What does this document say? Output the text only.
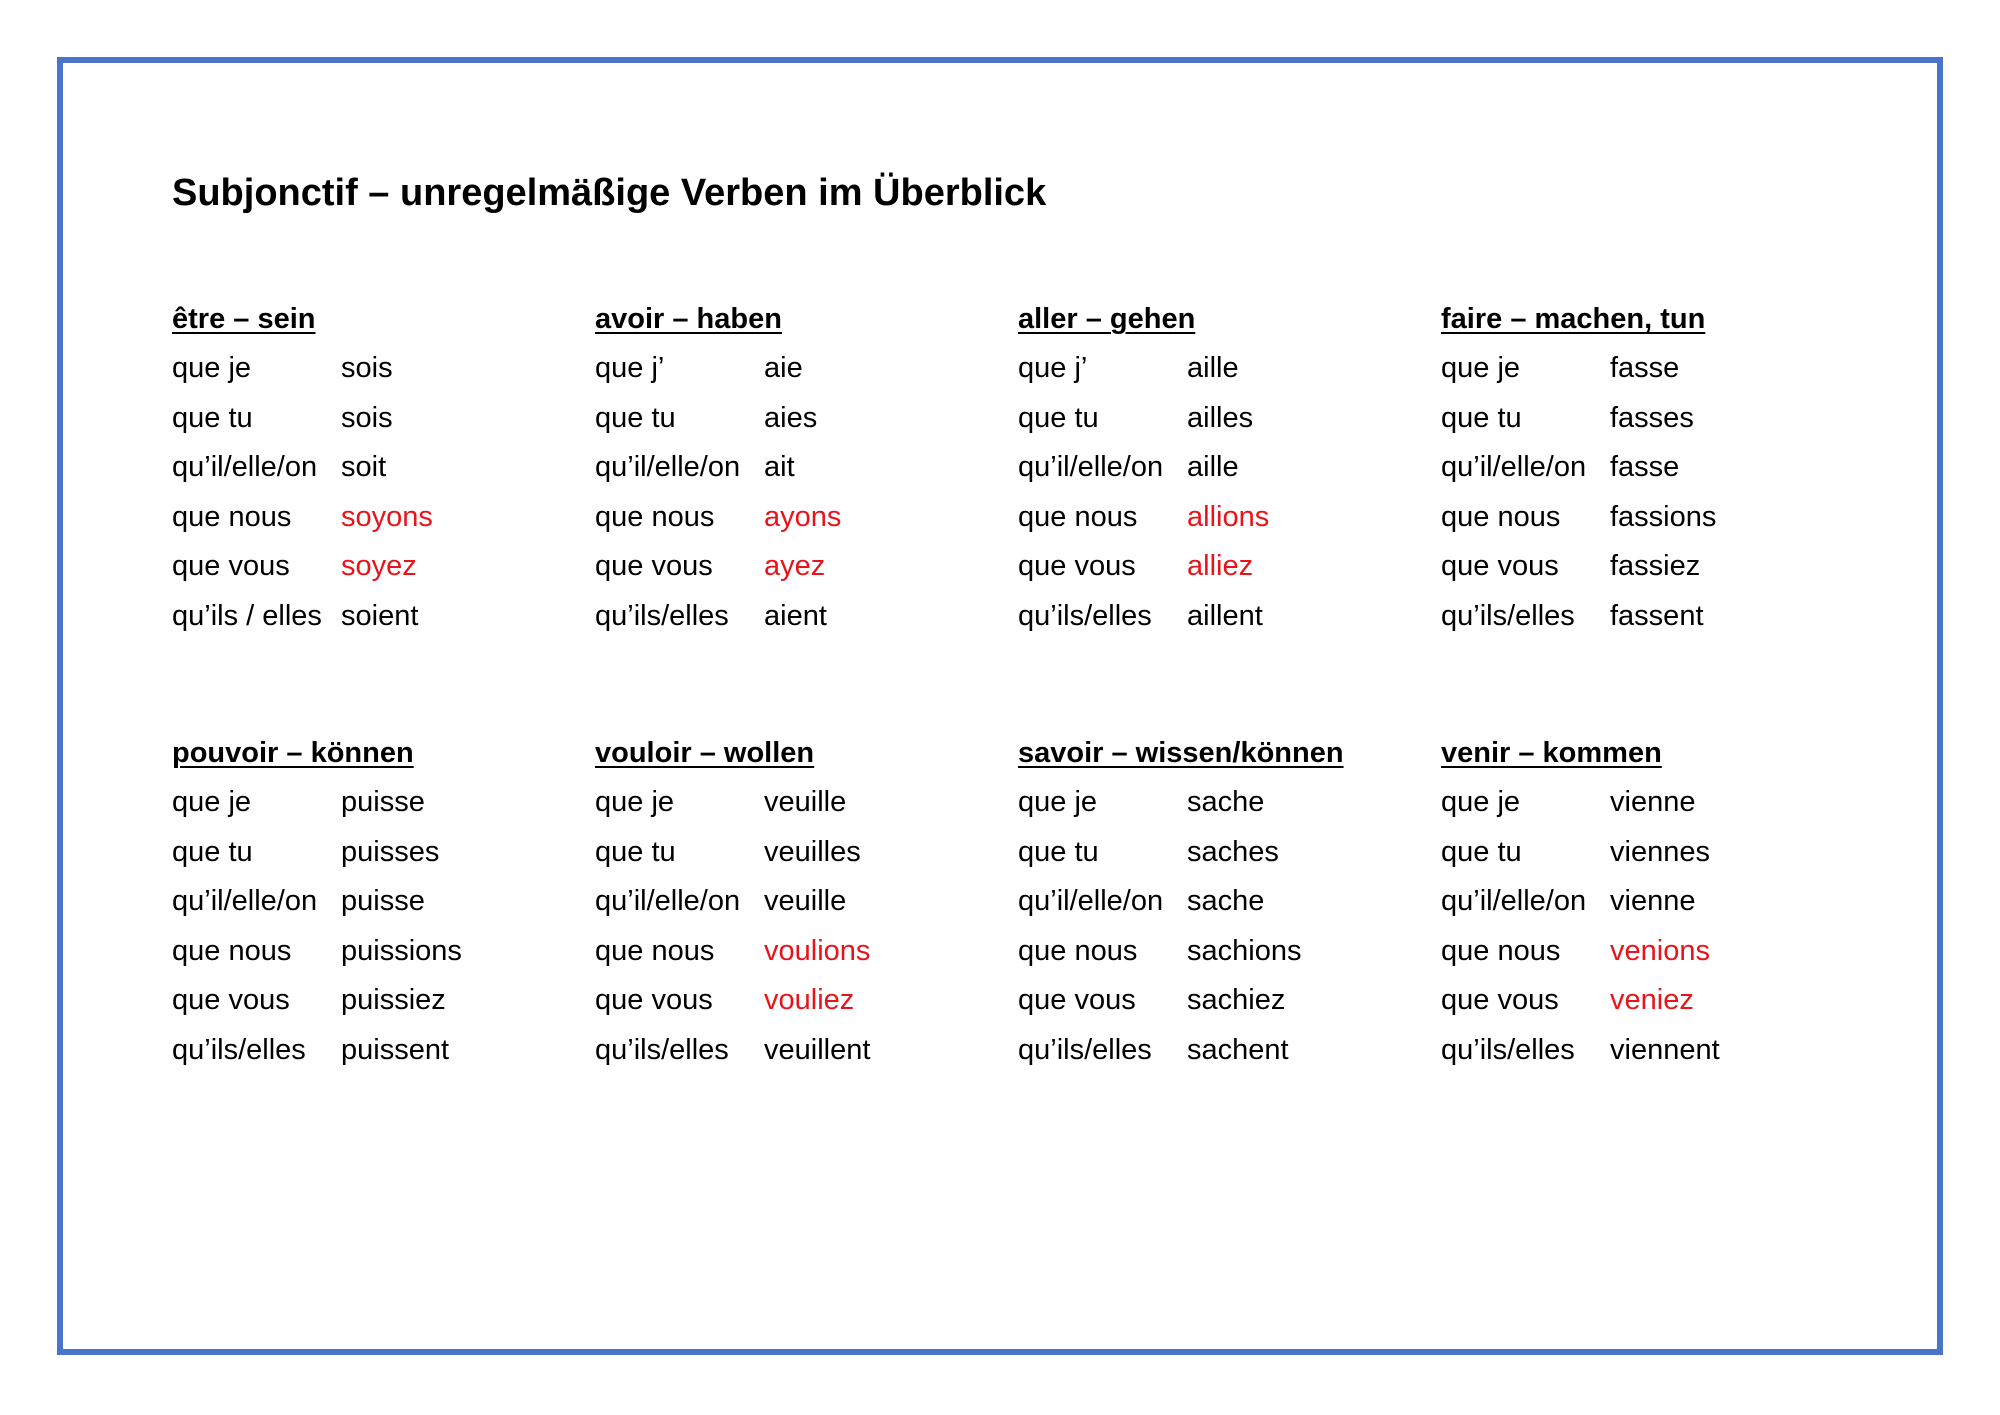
Subjonctif – unregelmäßige Verben im Überblick
être – sein
que je	sois
que tu	sois
qu’il/elle/on soit
que nous soyons
que vous soyez
qu’ils / elles soient
avoir – haben
que j’	aie
que tu	aies
qu’il/elle/on ait
que nous ayons
que vous ayez
qu’ils/elles aient
aller – gehen
que j’	aille
que tu	ailles
qu’il/elle/on aille
que nous allions
que vous alliez
qu’ils/elles aillent
faire – machen, tun
que je	fasse
que tu	fasses
qu’il/elle/on fasse
que nous fassions
que vous fassiez
qu’ils/elles fassent
pouvoir – können
que je	puisse
que tu	puisses
qu’il/elle/on puisse
que nous puissions
que vous puissiez
qu’ils/elles puissent
vouloir – wollen
que je	veuille
que tu	veuilles
qu’il/elle/on veuille
que nous voulions
que vous vouliez
qu’ils/elles veuillent
savoir – wissen/können
que je	sache
que tu	saches
qu’il/elle/on sache
que nous sachions
que vous sachiez
qu’ils/elles sachent
venir – kommen
que je	vienne
que tu	viennes
qu’il/elle/on vienne
que nous venions
que vous veniez
qu’ils/elles viennent
